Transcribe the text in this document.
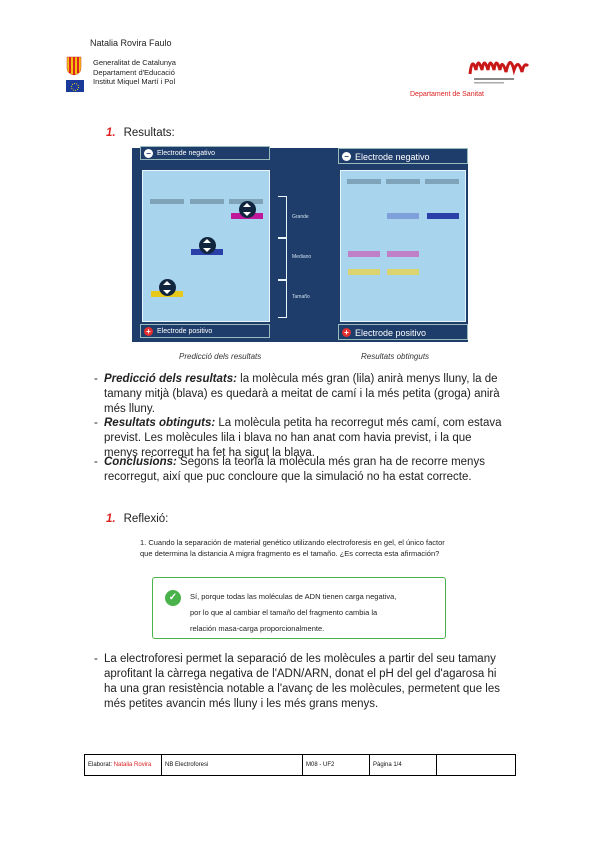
Natalia Rovira Faulo
Generalitat de Catalunya
Departament d'Educació
Institut Miquel Martí i Pol
Departament de Sanitat
1. Resultats:
− Electrode negativo
+ Electrode positivo
Grande
Mediano
Tamaño
− Electrode negativo
+ Electrode positivo
Predicció dels resultats	Resultats obtinguts
- Predicció dels resultats: la molècula més gran (lila) anirà menys lluny, la de tamany mitjà (blava) es quedarà a meitat de camí i la més petita (groga) anirà més lluny.
- Resultats obtinguts: La molècula petita ha recorregut més camí, com estava previst. Les molècules lila i blava no han anat com havia previst, i la que menys recorregut ha fet ha sigut la blava.
- Conclusions: Segons la teoría la molècula més gran ha de recorre menys recorregut, així que puc concloure que la simulació no ha estat correcte.
1. Reflexió:
1. Cuando la separación de material genético utilizando electroforesis en gel, el único factor que determina la distancia A migra fragmento es el tamaño. ¿Es correcta esta afirmación?
✓	Sí, porque todas las moléculas de ADN tienen carga negativa,
por lo que al cambiar el tamaño del fragmento cambia la
relación masa-carga proporcionalmente.
- La electroforesi permet la separació de les molècules a partir del seu tamany aprofitant la càrrega negativa de l'ADN/ARN, donat el pH del gel d'agarosa hi ha una gran resistència notable a l'avanç de les molècules, permetent que les més petites avancin més lluny i les més grans menys.
Elaborat: Natalia Rovira	NB Electroforesi	M08 - UF2	Pàgina 1/4	
